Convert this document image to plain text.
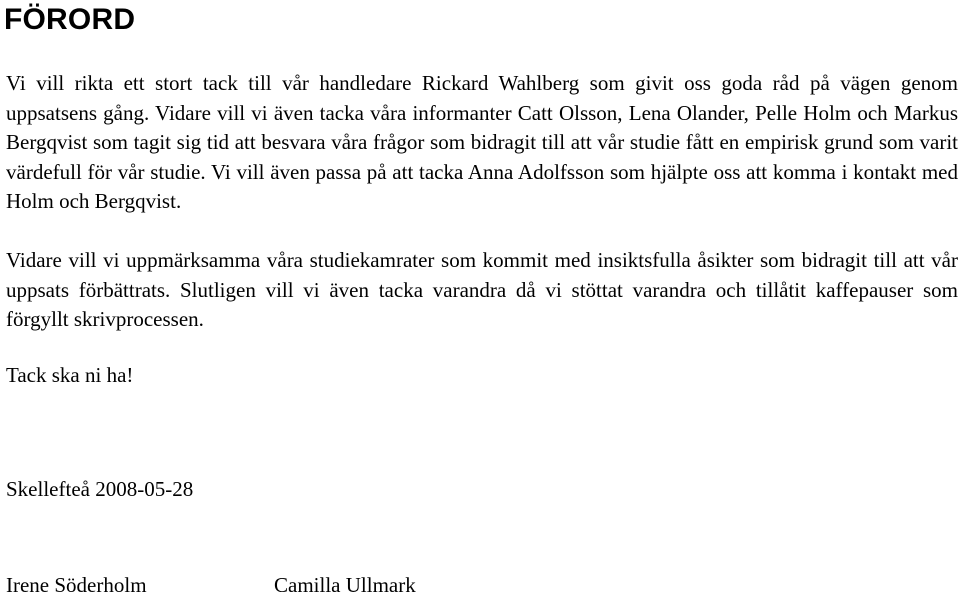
FÖRORD

Vi vill rikta ett stort tack till vår handledare Rickard Wahlberg som givit oss goda råd på vägen genom uppsatsens gång. Vidare vill vi även tacka våra informanter Catt Olsson, Lena Olander, Pelle Holm och Markus Bergqvist som tagit sig tid att besvara våra frågor som bidragit till att vår studie fått en empirisk grund som varit värdefull för vår studie. Vi vill även passa på att tacka Anna Adolfsson som hjälpte oss att komma i kontakt med Holm och Bergqvist.

Vidare vill vi uppmärksamma våra studiekamrater som kommit med insiktsfulla åsikter som bidragit till att vår uppsats förbättrats. Slutligen vill vi även tacka varandra då vi stöttat varandra och tillåtit kaffepauser som förgyllt skrivprocessen.

Tack ska ni ha!

Skellefteå 2008-05-28

Irene Söderholm	Camilla Ullmark
